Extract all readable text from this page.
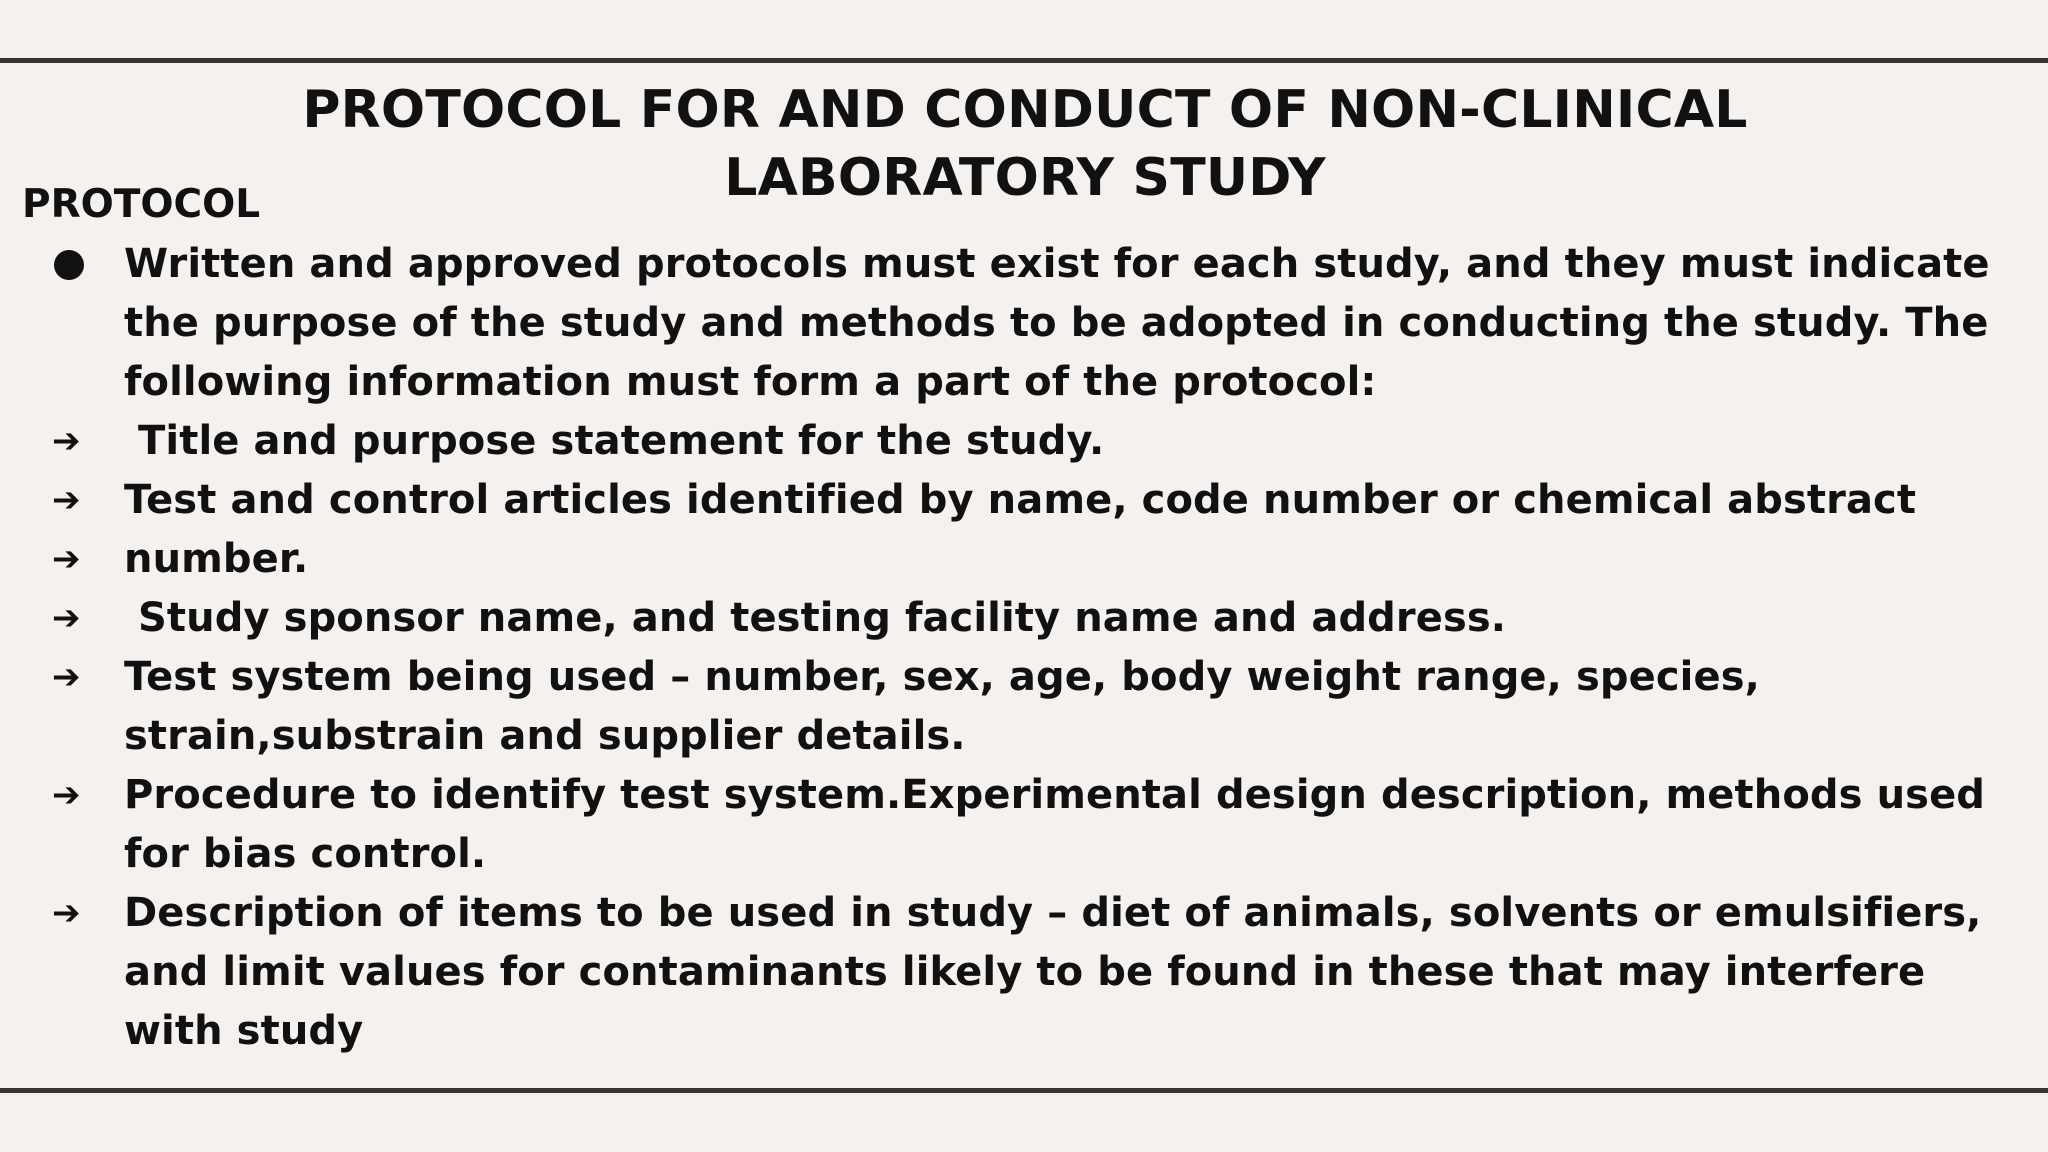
PROTOCOL FOR AND CONDUCT OF NON-CLINICAL LABORATORY STUDY
PROTOCOL
Written and approved protocols must exist for each study, and they must indicate the purpose of the study and methods to be adopted in conducting the study. The following information must form a part of the protocol:
➔	Title and purpose statement for the study.
➔	Test and control articles identified by name, code number or chemical abstract
➔	number.
➔	Study sponsor name, and testing facility name and address.
➔	Test system being used – number, sex, age, body weight range, species, strain,substrain and supplier details.
➔	Procedure to identify test system.Experimental design description, methods used for bias control.
➔	Description of items to be used in study – diet of animals, solvents or emulsifiers, and limit values for contaminants likely to be found in these that may interfere with study
